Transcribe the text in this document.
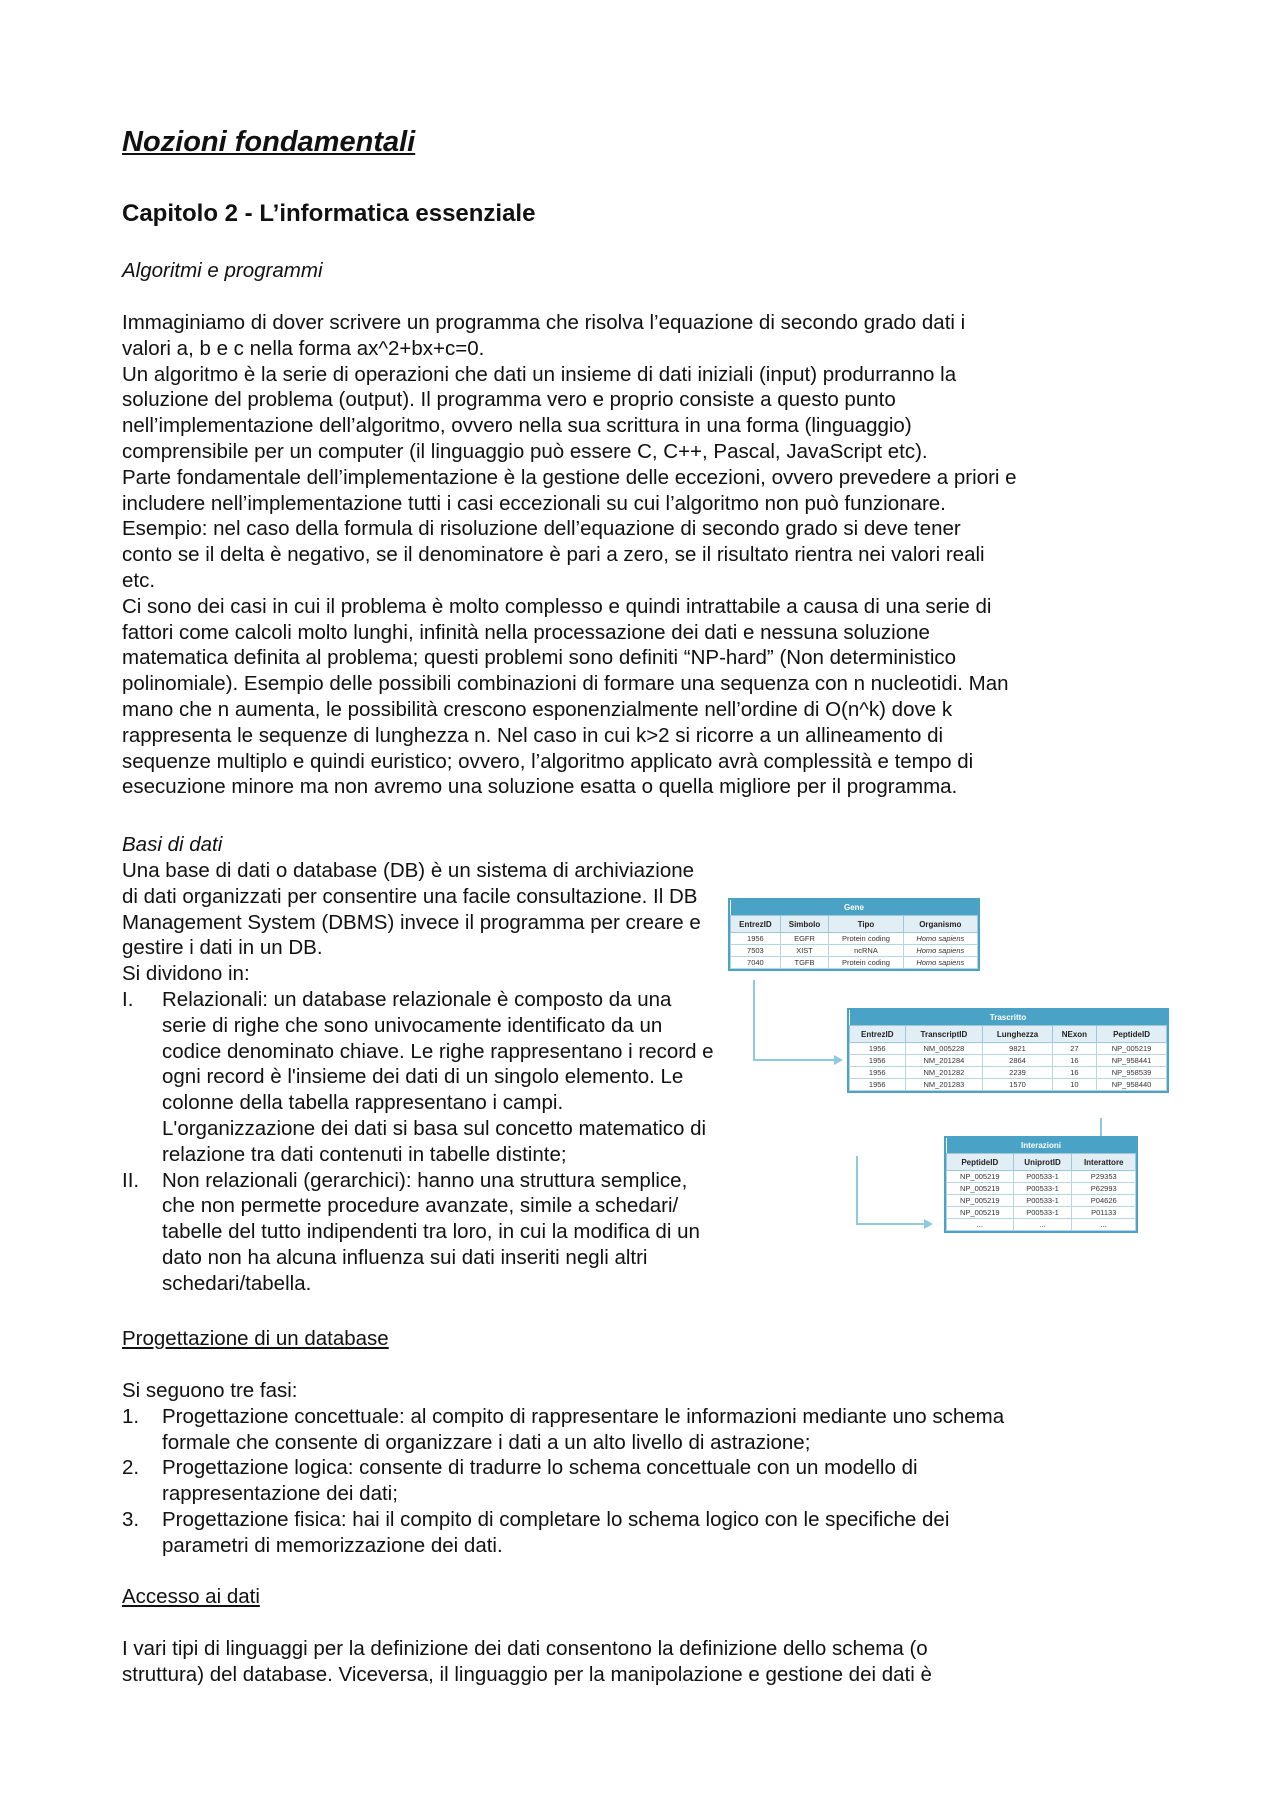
Nozioni fondamentali
Capitolo 2 - L’informatica essenziale

Algoritmi e programmi

Immaginiamo di dover scrivere un programma che risolva l’equazione di secondo grado dati i

valori a, b e c nella forma ax^2+bx+c=0.

Un algoritmo è la serie di operazioni che dati un insieme di dati iniziali (input) produrranno la

soluzione del problema (output). Il programma vero e proprio consiste a questo punto

nell’implementazione dell’algoritmo, ovvero nella sua scrittura in una forma (linguaggio)

comprensibile per un computer (il linguaggio può essere C, C++, Pascal, JavaScript etc).

Parte fondamentale dell’implementazione è la gestione delle eccezioni, ovvero prevedere a priori e

includere nell’implementazione tutti i casi eccezionali su cui l’algoritmo non può funzionare.

Esempio: nel caso della formula di risoluzione dell’equazione di secondo grado si deve tener

conto se il delta è negativo, se il denominatore è pari a zero, se il risultato rientra nei valori reali

etc.

Ci sono dei casi in cui il problema è molto complesso e quindi intrattabile a causa di una serie di

fattori come calcoli molto lunghi, infinità nella processazione dei dati e nessuna soluzione

matematica definita al problema; questi problemi sono definiti “NP-hard” (Non deterministico

polinomiale). Esempio delle possibili combinazioni di formare una sequenza con n nucleotidi. Man

mano che n aumenta, le possibilità crescono esponenzialmente nell’ordine di O(n^k) dove k

rappresenta le sequenze di lunghezza n. Nel caso in cui k>2 si ricorre a un allineamento di

sequenze multiplo e quindi euristico; ovvero, l’algoritmo applicato avrà complessità e tempo di

esecuzione minore ma non avremo una soluzione esatta o quella migliore per il programma.

Basi di dati

Una base di dati o database (DB) è un sistema di archiviazione

di dati organizzati per consentire una facile consultazione. Il DB

Management System (DBMS) invece il programma per creare e

gestire i dati in un DB.

Si dividono in:

I. Relazionali: un database relazionale è composto da una
serie di righe che sono univocamente identificato da un
codice denominato chiave. Le righe rappresentano i record e
ogni record è l'insieme dei dati di un singolo elemento. Le
colonne della tabella rappresentano i campi.
L'organizzazione dei dati si basa sul concetto matematico di
relazione tra dati contenuti in tabelle distinte;
II. Non relazionali (gerarchici): hanno una struttura semplice,
che non permette procedure avanzate, simile a schedari/
tabelle del tutto indipendenti tra loro, in cui la modifica di un
dato non ha alcuna influenza sui dati inseriti negli altri
schedari/tabella.

Progettazione di un database

Si seguono tre fasi:

1. Progettazione concettuale: al compito di rappresentare le informazioni mediante uno schema
formale che consente di organizzare i dati a un alto livello di astrazione;
2. Progettazione logica: consente di tradurre lo schema concettuale con un modello di
rappresentazione dei dati;
3. Progettazione fisica: hai il compito di completare lo schema logico con le specifiche dei
parametri di memorizzazione dei dati.

Accesso ai dati

I vari tipi di linguaggi per la definizione dei dati consentono la definizione dello schema (o

struttura) del database. Viceversa, il linguaggio per la manipolazione e gestione dei dati è

Gene			
EntrezID	Simbolo	Tipo	Organismo
1956	EGFR	Protein coding	Homo sapiens
7503	XIST	ncRNA	Homo sapiens
7040	TGFB	Protein coding	Homo sapiens
Trascritto				
EntrezID	TranscriptID	Lunghezza	NExon	PeptideID
1956	NM_005228	9821	27	NP_005219
1956	NM_201284	2864	16	NP_958441
1956	NM_201282	2239	16	NP_958539
1956	NM_201283	1570	10	NP_958440
Interazioni		
PeptideID	UniprotID	Interattore
NP_005219	P00533-1	P29353
NP_005219	P00533-1	P62993
NP_005219	P00533-1	P04626
NP_005219	P00533-1	P01133
...	...	...
